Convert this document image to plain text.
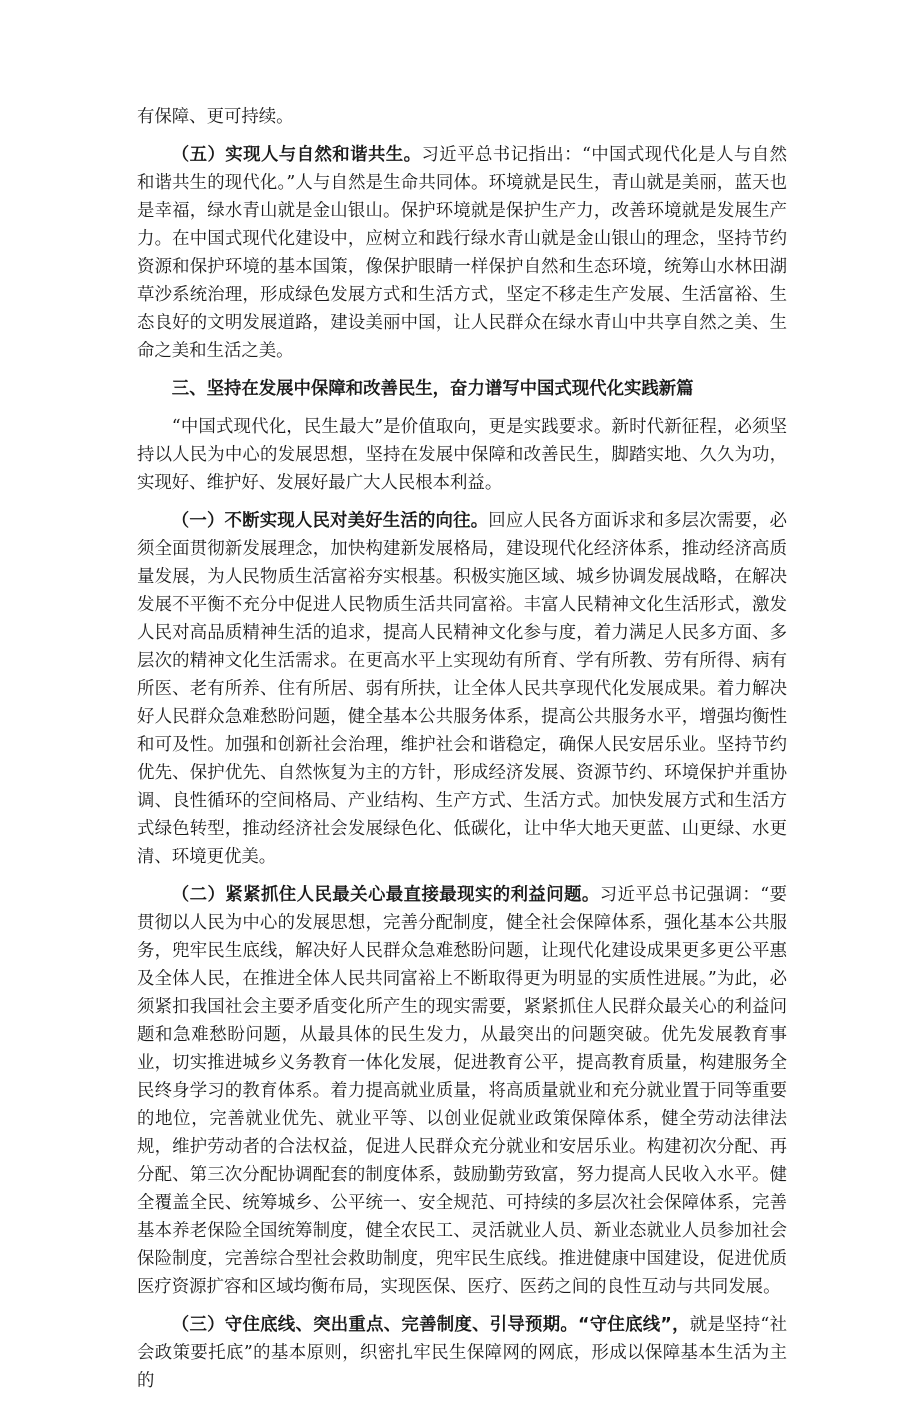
有保障、更可持续。

（五）实现人与自然和谐共生。习近平总书记指出：“中国式现代化是人与自然和谐共生的现代化。”人与自然是生命共同体。环境就是民生，青山就是美丽，蓝天也是幸福，绿水青山就是金山银山。保护环境就是保护生产力，改善环境就是发展生产力。在中国式现代化建设中，应树立和践行绿水青山就是金山银山的理念，坚持节约资源和保护环境的基本国策，像保护眼睛一样保护自然和生态环境，统筹山水林田湖草沙系统治理，形成绿色发展方式和生活方式，坚定不移走生产发展、生活富裕、生态良好的文明发展道路，建设美丽中国，让人民群众在绿水青山中共享自然之美、生命之美和生活之美。

三、坚持在发展中保障和改善民生，奋力谱写中国式现代化实践新篇

“中国式现代化，民生最大”是价值取向，更是实践要求。新时代新征程，必须坚持以人民为中心的发展思想，坚持在发展中保障和改善民生，脚踏实地、久久为功，实现好、维护好、发展好最广大人民根本利益。

（一）不断实现人民对美好生活的向往。回应人民各方面诉求和多层次需要，必须全面贯彻新发展理念，加快构建新发展格局，建设现代化经济体系，推动经济高质量发展，为人民物质生活富裕夯实根基。积极实施区域、城乡协调发展战略，在解决发展不平衡不充分中促进人民物质生活共同富裕。丰富人民精神文化生活形式，激发人民对高品质精神生活的追求，提高人民精神文化参与度，着力满足人民多方面、多层次的精神文化生活需求。在更高水平上实现幼有所育、学有所教、劳有所得、病有所医、老有所养、住有所居、弱有所扶，让全体人民共享现代化发展成果。着力解决好人民群众急难愁盼问题，健全基本公共服务体系，提高公共服务水平，增强均衡性和可及性。加强和创新社会治理，维护社会和谐稳定，确保人民安居乐业。坚持节约优先、保护优先、自然恢复为主的方针，形成经济发展、资源节约、环境保护并重协调、良性循环的空间格局、产业结构、生产方式、生活方式。加快发展方式和生活方式绿色转型，推动经济社会发展绿色化、低碳化，让中华大地天更蓝、山更绿、水更清、环境更优美。

（二）紧紧抓住人民最关心最直接最现实的利益问题。习近平总书记强调：“要贯彻以人民为中心的发展思想，完善分配制度，健全社会保障体系，强化基本公共服务，兜牢民生底线，解决好人民群众急难愁盼问题，让现代化建设成果更多更公平惠及全体人民，在推进全体人民共同富裕上不断取得更为明显的实质性进展。”为此，必须紧扣我国社会主要矛盾变化所产生的现实需要，紧紧抓住人民群众最关心的利益问题和急难愁盼问题，从最具体的民生发力，从最突出的问题突破。优先发展教育事业，切实推进城乡义务教育一体化发展，促进教育公平，提高教育质量，构建服务全民终身学习的教育体系。着力提高就业质量，将高质量就业和充分就业置于同等重要的地位，完善就业优先、就业平等、以创业促就业政策保障体系，健全劳动法律法规，维护劳动者的合法权益，促进人民群众充分就业和安居乐业。构建初次分配、再分配、第三次分配协调配套的制度体系，鼓励勤劳致富，努力提高人民收入水平。健全覆盖全民、统筹城乡、公平统一、安全规范、可持续的多层次社会保障体系，完善基本养老保险全国统筹制度，健全农民工、灵活就业人员、新业态就业人员参加社会保险制度，完善综合型社会救助制度，兜牢民生底线。推进健康中国建设，促进优质医疗资源扩容和区域均衡布局，实现医保、医疗、医药之间的良性互动与共同发展。

（三）守住底线、突出重点、完善制度、引导预期。“守住底线”，就是坚持“社会政策要托底”的基本原则，织密扎牢民生保障网的网底，形成以保障基本生活为主的
